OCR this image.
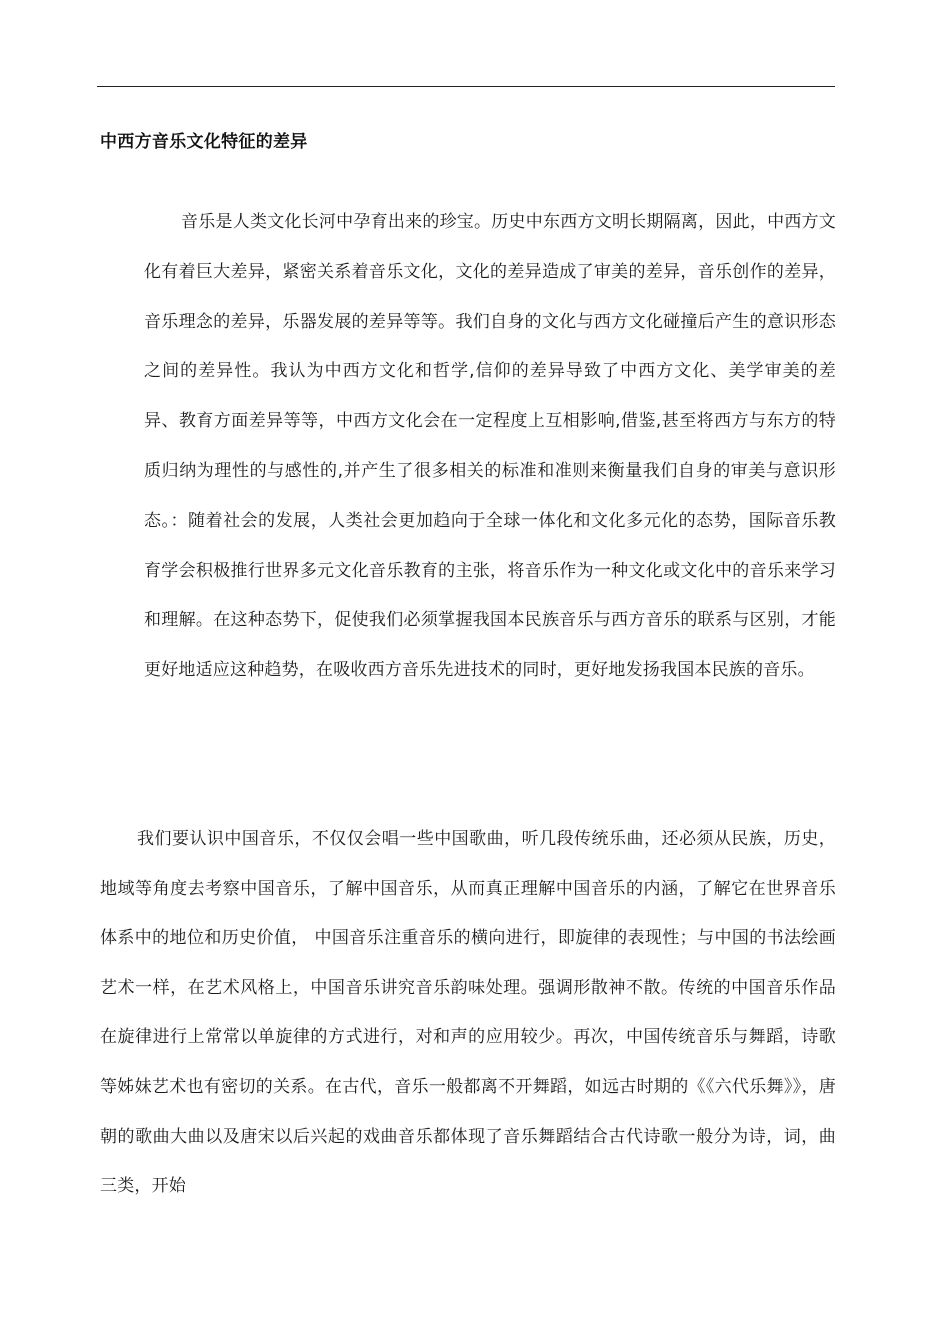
中西方音乐文化特征的差异

音乐是人类文化长河中孕育出来的珍宝。历史中东西方文明长期隔离，因此，中西方文化有着巨大差异，紧密关系着音乐文化，文化的差异造成了审美的差异，音乐创作的差异，音乐理念的差异，乐器发展的差异等等。我们自身的文化与西方文化碰撞后产生的意识形态之间的差异性。我认为中西方文化和哲学,信仰的差异导致了中西方文化、美学审美的差异、教育方面差异等等，中西方文化会在一定程度上互相影响,借鉴,甚至将西方与东方的特质归纳为理性的与感性的,并产生了很多相关的标准和准则来衡量我们自身的审美与意识形态。：随着社会的发展，人类社会更加趋向于全球一体化和文化多元化的态势，国际音乐教育学会积极推行世界多元文化音乐教育的主张，将音乐作为一种文化或文化中的音乐来学习和理解。在这种态势下，促使我们必须掌握我国本民族音乐与西方音乐的联系与区别，才能更好地适应这种趋势，在吸收西方音乐先进技术的同时，更好地发扬我国本民族的音乐。

我们要认识中国音乐，不仅仅会唱一些中国歌曲，听几段传统乐曲，还必须从民族，历史，地域等角度去考察中国音乐，了解中国音乐，从而真正理解中国音乐的内涵，了解它在世界音乐体系中的地位和历史价值， 中国音乐注重音乐的横向进行，即旋律的表现性；与中国的书法绘画艺术一样，在艺术风格上，中国音乐讲究音乐韵味处理。强调形散神不散。传统的中国音乐作品在旋律进行上常常以单旋律的方式进行，对和声的应用较少。再次，中国传统音乐与舞蹈，诗歌等姊妹艺术也有密切的关系。在古代，音乐一般都离不开舞蹈，如远古时期的《《六代乐舞》》，唐朝的歌曲大曲以及唐宋以后兴起的戏曲音乐都体现了音乐舞蹈结合古代诗歌一般分为诗，词，曲三类，开始
